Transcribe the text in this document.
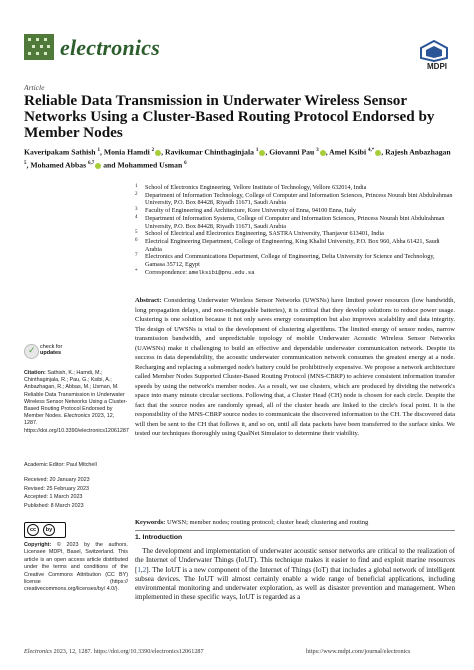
electronics
MDPI
Article
Reliable Data Transmission in Underwater Wireless Sensor Networks Using a Cluster-Based Routing Protocol Endorsed by Member Nodes
Kaveripakam Sathish $^1$, Monia Hamdi $^2$ , Ravikumar Chinthaginjala $^1$ , Giovanni Pau $^3$ , Amel Ksibi $^{4,*}$ , Rajesh Anbazhagan $^5$, Mohamed Abbas $^{6,7}$ and Mohammed Usman $^6$
1 School of Electronics Engineering, Vellore Institute of Technology, Vellore 632014, India
2 Department of Information Technology, College of Computer and Information Sciences, Princess Nourah bint Abdulrahman University, P.O. Box 84428, Riyadh 11671, Saudi Arabia
3 Faculty of Engineering and Architecture, Kore University of Enna, 94100 Enna, Italy
4 Department of Information Systems, College of Computer and Information Sciences, Princess Nourah bint Abdulrahman University, P.O. Box 84428, Riyadh 11671, Saudi Arabia
5 School of Electrical and Electronics Engineering, SASTRA University, Thanjavur 613401, India
6 Electrical Engineering Department, College of Engineering, King Khalid University, P.O. Box 960, Abha 61421, Saudi Arabia
7 Electronics and Communications Department, College of Engineering, Delta University for Science and Technology, Gamasa 35712, Egypt
* Correspondence: amelksibi@pnu.edu.sa
Abstract: Considering Underwater Wireless Sensor Networks (UWSNs) have limited power resources (low bandwidth, long propagation delays, and non-rechargeable batteries), it is critical that they develop solutions to reduce power usage. Clustering is one solution because it not only saves energy consumption but also improves scalability and data integrity. The design of UWSNs is vital to the development of clustering algorithms. The limited energy of sensor nodes, narrow transmission bandwidth, and unpredictable topology of mobile Underwater Acoustic Wireless Sensor Networks (UAWSNs) make it challenging to build an effective and dependable underwater communication network. Despite its success in data dependability, the acoustic underwater communication network consumes the greatest energy at a node. Recharging and replacing a submerged node's battery could be prohibitively expensive. We propose a network architecture called Member Nodes Supported Cluster-Based Routing Protocol (MNS-CBRP) to achieve consistent information transfer speeds by using the network's member nodes. As a result, we use clusters, which are produced by dividing the network's space into many minute circular sections. Following that, a Cluster Head (CH) node is chosen for each circle. Despite the fact that the source nodes are randomly spread, all of the cluster heads are linked to the circle's focal point. It is the responsibility of the MNS-CBRP source nodes to communicate the discovered information to the CH. The discovered data will then be sent to the CH that follows it, and so on, until all data packets have been transferred to the surface sinks. We tested our techniques thoroughly using QualNet Simulator to determine their viability.
Keywords: UWSN; member nodes; routing protocol; cluster head; clustering and routing
1. Introduction
 The development and implementation of underwater acoustic sensor networks are critical to the realization of the Internet of Underwater Things (IoUT). This technique makes it easier to find and exploit marine resources [1,2]. The IoUT is a new component of the Internet of Things (IoT) that includes a global network of intelligent subsea devices. The IoUT will almost certainly enable a wide range of beneficial applications, including environmental monitoring and underwater exploration, as well as disaster prevention and management. When implemented in these specific ways, IoUT is regarded as a
✓ check for
updates
Citation: Sathish, K.; Hamdi, M.; Chinthaginjala, R.; Pau, G.; Ksibi, A.; Anbazhagan, R.; Abbas, M.; Usman, M. Reliable Data Transmission in Underwater Wireless Sensor Networks Using a Cluster-Based Routing Protocol Endorsed by Member Nodes. Electronics 2023, 12, 1287. https://doi.org/10.3390/electronics12061287
Academic Editor: Paul Mitchell
Received: 20 January 2023
Revised: 25 February 2023
Accepted: 1 March 2023
Published: 8 March 2023
cc	by
Copyright: © 2023 by the authors. Licensee MDPI, Basel, Switzerland. This article is an open access article distributed under the terms and conditions of the Creative Commons Attribution (CC BY) license (https:// creativecommons.org/licenses/by/ 4.0/).
Electronics 2023, 12, 1287. https://doi.org/10.3390/electronics12061287	https://www.mdpi.com/journal/electronics
